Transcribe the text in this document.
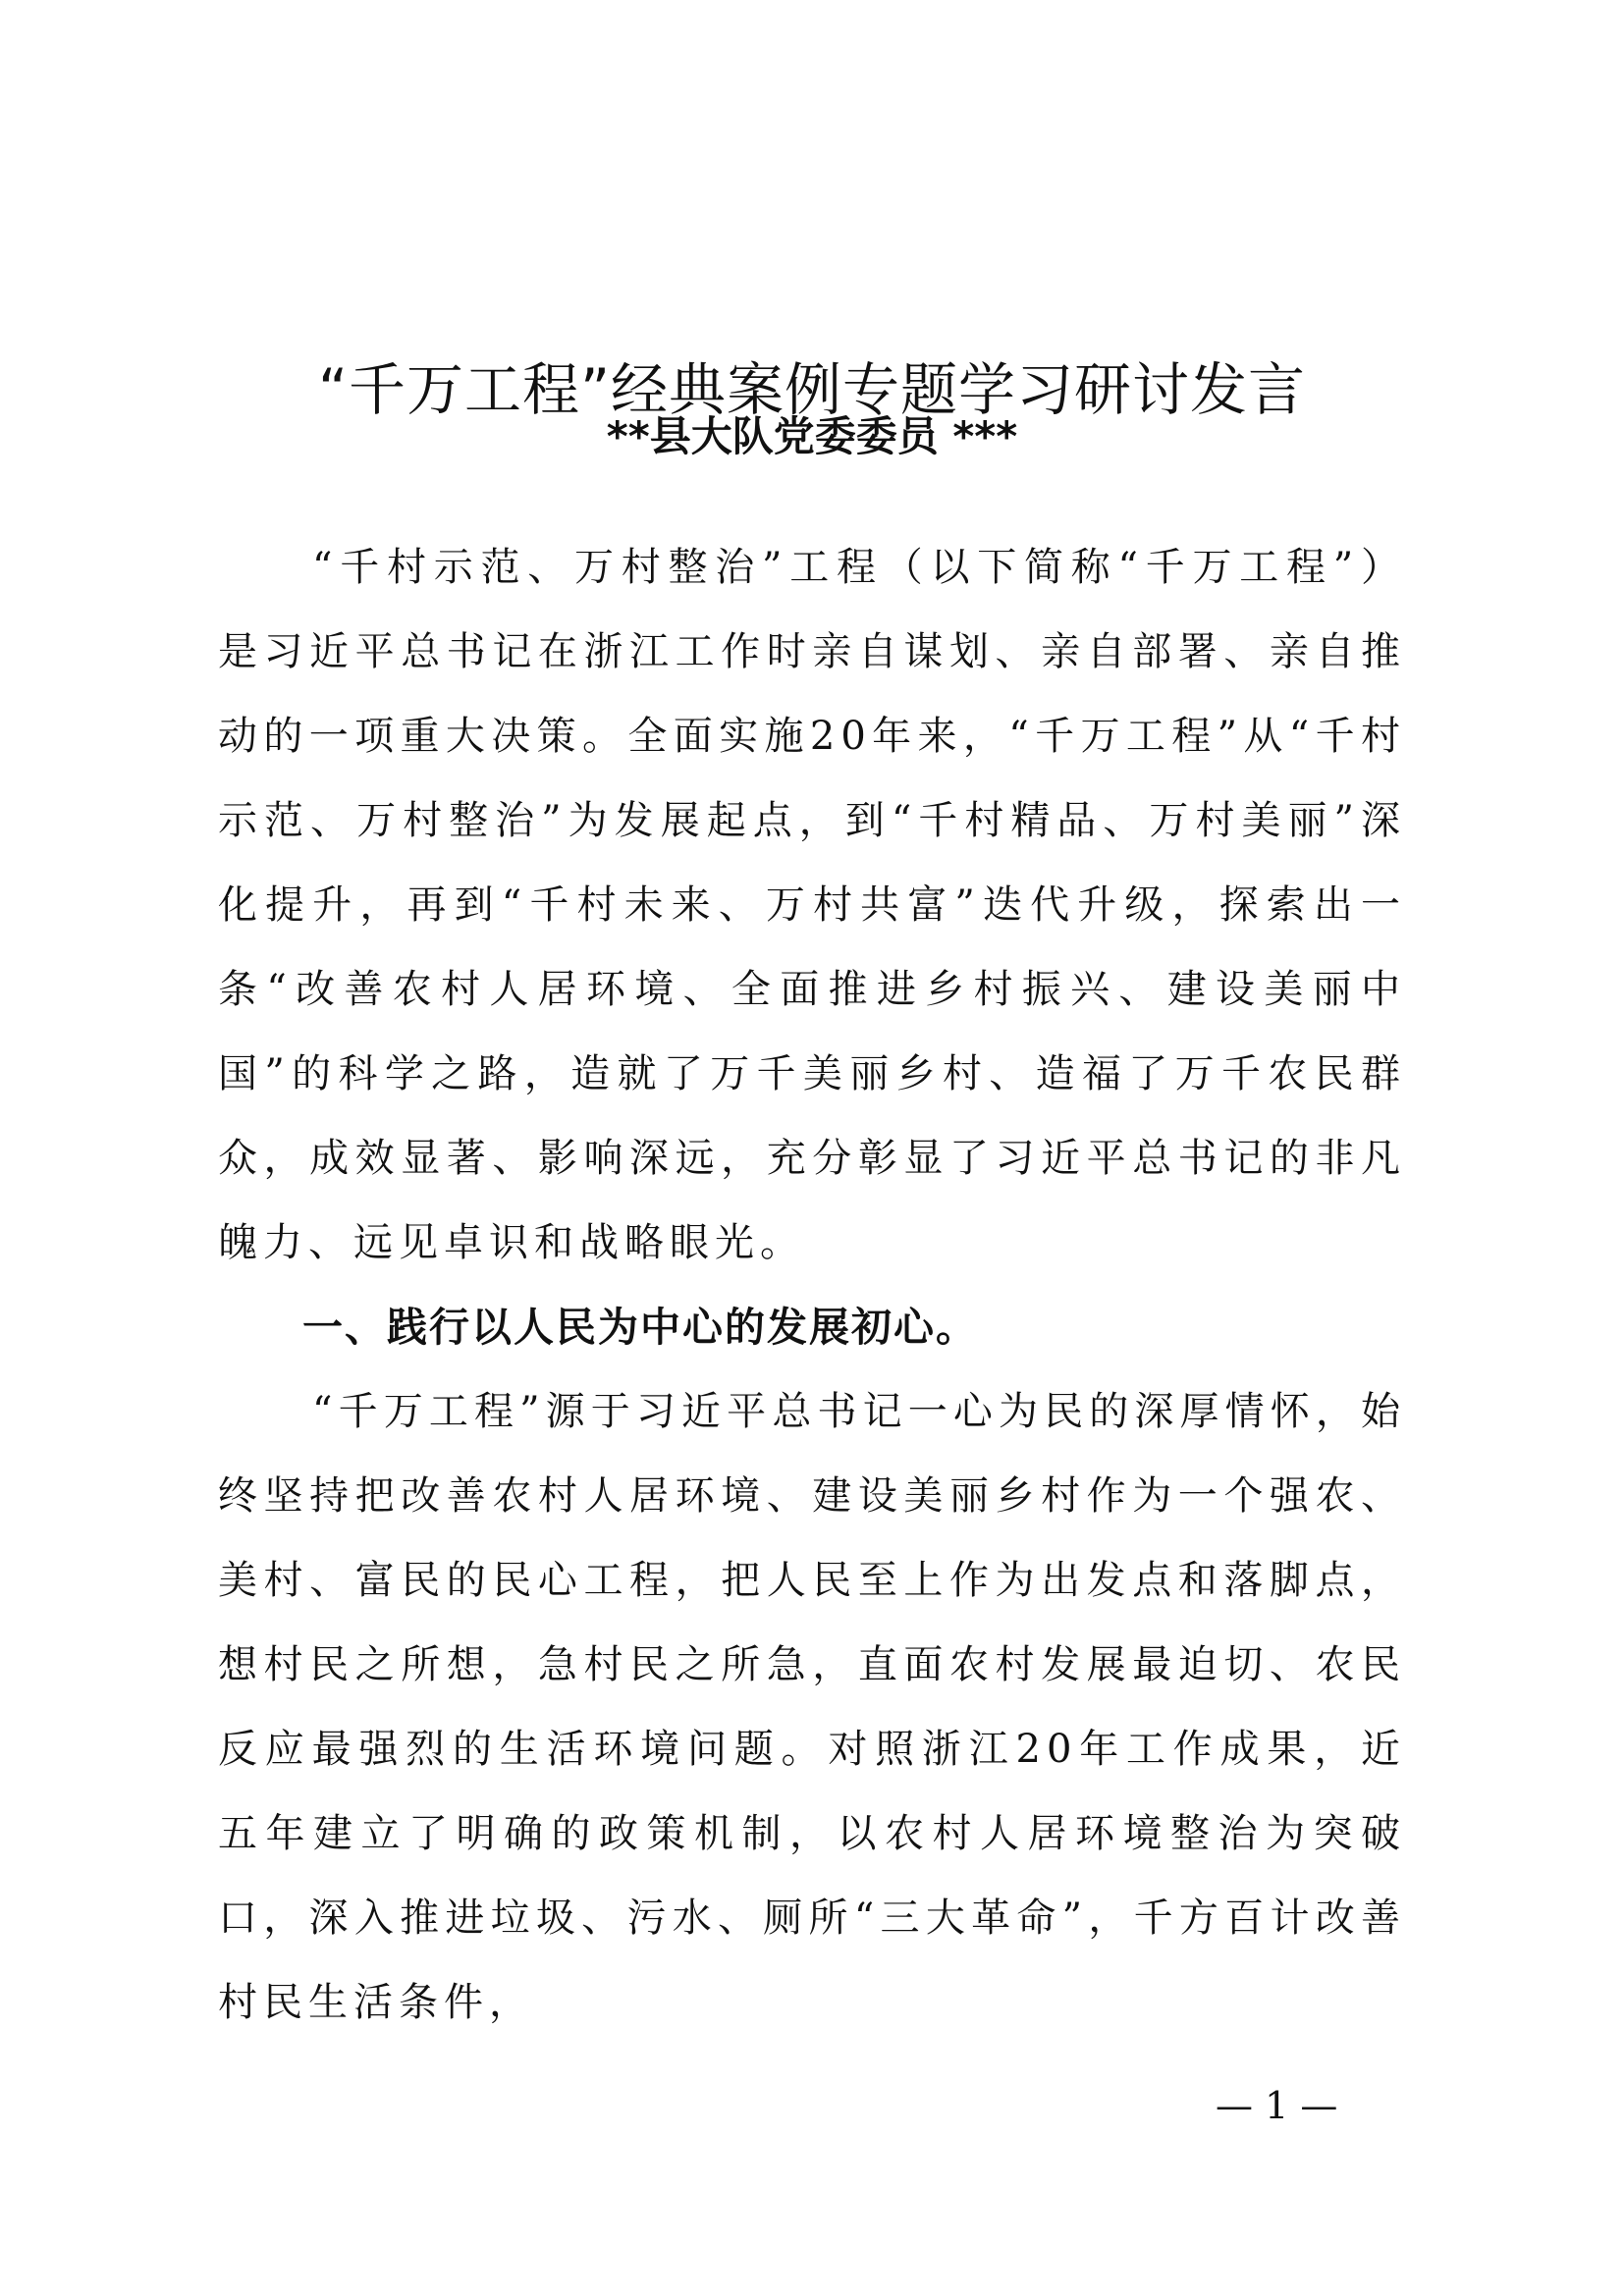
“千万工程”经典案例专题学习研讨发言
**县大队党委委员 ***

“千村示范、万村整治”工程（以下简称“千万工程”）是习近平总书记在浙江工作时亲自谋划、亲自部署、亲自推动的一项重大决策。全面实施20年来，“千万工程”从“千村示范、万村整治”为发展起点，到“千村精品、万村美丽”深化提升，再到“千村未来、万村共富”迭代升级，探索出一条“改善农村人居环境、全面推进乡村振兴、建设美丽中国”的科学之路，造就了万千美丽乡村、造福了万千农民群众，成效显著、影响深远，充分彰显了习近平总书记的非凡魄力、远见卓识和战略眼光。

一、践行以人民为中心的发展初心。

“千万工程”源于习近平总书记一心为民的深厚情怀，始终坚持把改善农村人居环境、建设美丽乡村作为一个强农、美村、富民的民心工程，把人民至上作为出发点和落脚点，想村民之所想，急村民之所急，直面农村发展最迫切、农民反应最强烈的生活环境问题。对照浙江20年工作成果，近五年建立了明确的政策机制，以农村人居环境整治为突破口，深入推进垃圾、污水、厕所“三大革命”，千方百计改善村民生活条件，

— 1 —
